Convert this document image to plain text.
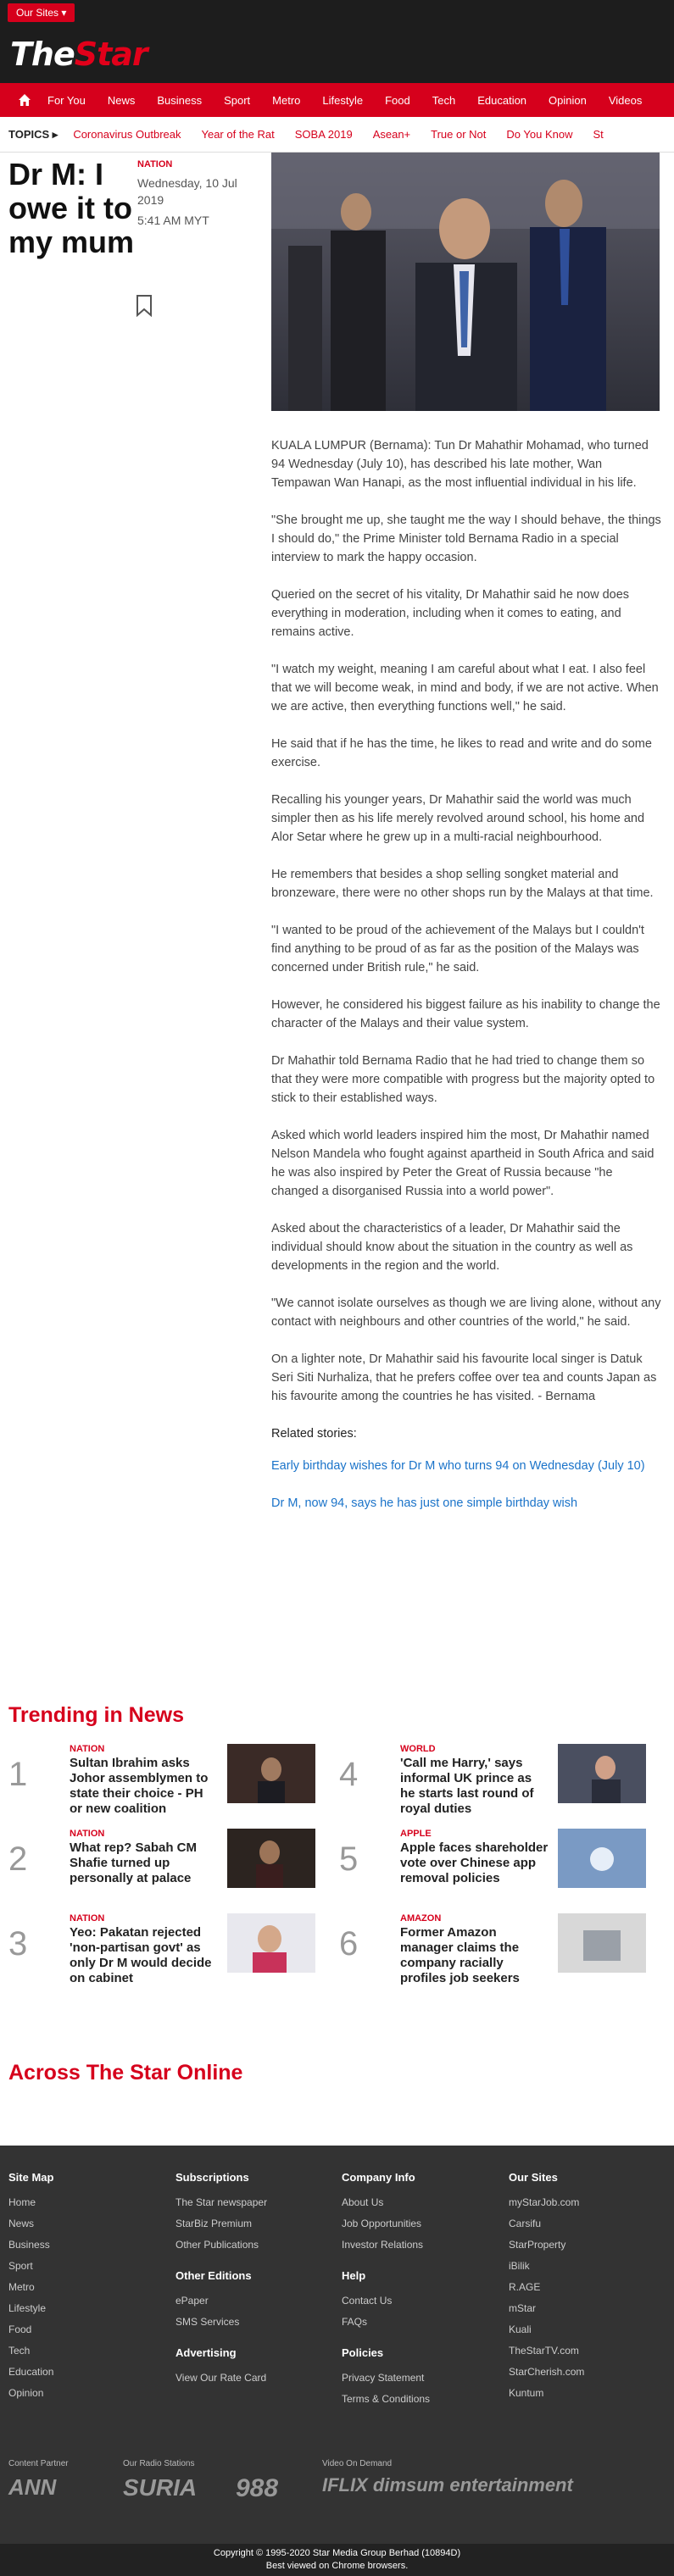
Our Sites ▾
TheStar
For You News Business Sport Metro Lifestyle Food Tech Education Opinion Videos
TOPICS ▸ Coronavirus Outbreak Year of the Rat SOBA 2019 Asean+ True or Not Do You Know St
Dr M: I owe it to my mum
NATION
Wednesday, 10 Jul 2019
5:41 AM MYT

KUALA LUMPUR (Bernama): Tun Dr Mahathir Mohamad, who turned 94 Wednesday (July 10), has described his late mother, Wan Tempawan Wan Hanapi, as the most influential individual in his life.

"She brought me up, she taught me the way I should behave, the things I should do," the Prime Minister told Bernama Radio in a special interview to mark the happy occasion.

Queried on the secret of his vitality, Dr Mahathir said he now does everything in moderation, including when it comes to eating, and remains active.

"I watch my weight, meaning I am careful about what I eat. I also feel that we will become weak, in mind and body, if we are not active. When we are active, then everything functions well," he said.

He said that if he has the time, he likes to read and write and do some exercise.

Recalling his younger years, Dr Mahathir said the world was much simpler then as his life merely revolved around school, his home and Alor Setar where he grew up in a multi-racial neighbourhood.

He remembers that besides a shop selling songket material and bronzeware, there were no other shops run by the Malays at that time.

"I wanted to be proud of the achievement of the Malays but I couldn't find anything to be proud of as far as the position of the Malays was concerned under British rule," he said.

However, he considered his biggest failure as his inability to change the character of the Malays and their value system.

Dr Mahathir told Bernama Radio that he had tried to change them so that they were more compatible with progress but the majority opted to stick to their established ways.

Asked which world leaders inspired him the most, Dr Mahathir named Nelson Mandela who fought against apartheid in South Africa and said he was also inspired by Peter the Great of Russia because "he changed a disorganised Russia into a world power".

Asked about the characteristics of a leader, Dr Mahathir said the individual should know about the situation in the country as well as developments in the region and the world.

"We cannot isolate ourselves as though we are living alone, without any contact with neighbours and other countries of the world," he said.

On a lighter note, Dr Mahathir said his favourite local singer is Datuk Seri Siti Nurhaliza, that he prefers coffee over tea and counts Japan as his favourite among the countries he has visited. - Bernama

Related stories:
Early birthday wishes for Dr M who turns 94 on Wednesday (July 10)
Dr M, now 94, says he has just one simple birthday wish
Trending in News
1
NATION
Sultan Ibrahim asks Johor assemblymen to state their choice - PH or new coalition
2
NATION
What rep? Sabah CM Shafie turned up personally at palace
3
NATION
Yeo: Pakatan rejected 'non-partisan govt' as only Dr M would decide on cabinet
4
WORLD
'Call me Harry,' says informal UK prince as he starts last round of royal duties
5
APPLE
Apple faces shareholder vote over Chinese app removal policies
6
AMAZON
Former Amazon manager claims the company racially profiles job seekers
Across The Star Online
Site Map
Home
News
Business
Sport
Metro
Lifestyle
Food
Tech
Education
Opinion
Subscriptions
The Star newspaper
StarBiz Premium
Other Publications
Other Editions
ePaper
SMS Services
Advertising
View Our Rate Card
Company Info
About Us
Job Opportunities
Investor Relations
Help
Contact Us
FAQs
Policies
Privacy Statement
Terms & Conditions
Our Sites
myStarJob.com
Carsifu
StarProperty
iBilik
R.AGE
mStar
Kuali
TheStarTV.com
StarCherish.com
Kuntum
Content Partner	Our Radio Stations	Video On Demand
ANN	SURIA 988 IFLIX dimsum entertainment
Copyright © 1995-2020 Star Media Group Berhad (10894D)
Best viewed on Chrome browsers.
